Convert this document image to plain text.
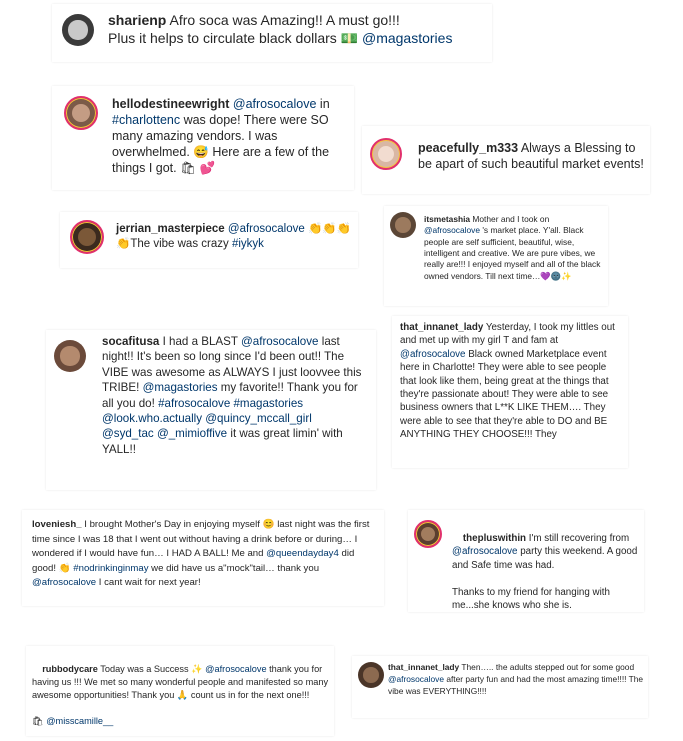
sharienp Afro soca was Amazing!! A must go!!!
Plus it helps to circulate black dollars 💵 @magastories
hellodestineewright @afrosocalove in #charlottenc was dope! There were SO many amazing vendors. I was overwhelmed. 😅 Here are a few of the things I got. 🛍 💕
peacefully_m333 Always a Blessing to be apart of such beautiful market events!
jerrian_masterpiece @afrosocalove 👏👏👏👏The vibe was crazy #iykyk
itsmetashia Mother and I took on @afrosocalove 's market place. Y'all. Black people are self sufficient, beautiful, wise, intelligent and creative. We are pure vibes, we really are!!! I enjoyed myself and all of the black owned vendors. Till next time…💜🌚✨
socafitusa I had a BLAST @afrosocalove last night!! It's been so long since I'd been out!! The VIBE was awesome as ALWAYS I just loovvee this TRIBE! @magastories my favorite!! Thank you for all you do! #afrosocalove #magastories @look.who.actually @quincy_mccall_girl @syd_tac @_mimioffive it was great limin' with YALL!!
that_innanet_lady Yesterday, I took my littles out and met up with my girl T and fam at @afrosocalove Black owned Marketplace event here in Charlotte! They were able to see people that look like them, being great at the things that they're passionate about! They were able to see business owners that L**K LIKE THEM…. They were able to see that they're able to DO and BE ANYTHING THEY CHOOSE!!! They
loveniesh_ I brought Mother's Day in enjoying myself 😊 last night was the first time since I was 18 that I went out without having a drink before or during… I wondered if I would have fun… I HAD A BALL! Me and @queendayday4 did good! 👏 #nodrinkinginmay we did have us a"mock"tail… thank you @afrosocalove I cant wait for next year!

thepluswithin I'm still recovering from @afrosocalove party this weekend. A good and Safe time was had.

Thanks to my friend for hanging with me...she knows who she is.

rubbodycare Today was a Success ✨ @afrosocalove thank you for having us !!! We met so many wonderful people and manifested so many awesome opportunities! Thank you 🙏 count us in for the next one!!!

🛍 @misscamille__

that_innanet_lady Then….. the adults stepped out for some good @afrosocalove after party fun and had the most amazing time!!!! The vibe was EVERYTHING!!!!
